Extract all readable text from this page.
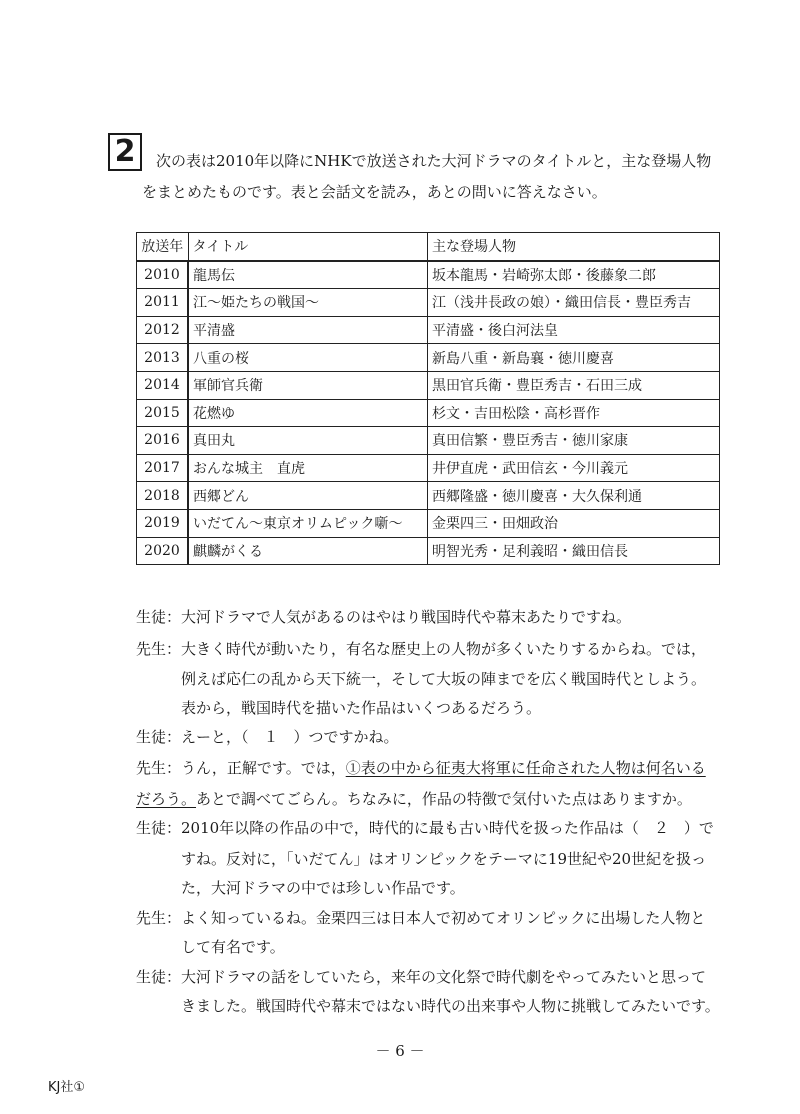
2	次の表は2010年以降にNHKで放送された大河ドラマのタイトルと，主な登場人物
をまとめたものです。表と会話文を読み，あとの問いに答えなさい。
放送年	タイトル	主な登場人物
2010	龍馬伝	坂本龍馬・岩崎弥太郎・後藤象二郎
2011	江～姫たちの戦国～	江（浅井長政の娘）・織田信長・豊臣秀吉
2012	平清盛	平清盛・後白河法皇
2013	八重の桜	新島八重・新島襄・徳川慶喜
2014	軍師官兵衛	黒田官兵衛・豊臣秀吉・石田三成
2015	花燃ゆ	杉文・吉田松陰・高杉晋作
2016	真田丸	真田信繁・豊臣秀吉・徳川家康
2017	おんな城主　直虎	井伊直虎・武田信玄・今川義元
2018	西郷どん	西郷隆盛・徳川慶喜・大久保利通
2019	いだてん～東京オリムピック噺～	金栗四三・田畑政治
2020	麒麟がくる	明智光秀・足利義昭・織田信長
生徒：大河ドラマで人気があるのはやはり戦国時代や幕末あたりですね。
先生：大きく時代が動いたり，有名な歴史上の人物が多くいたりするからね。では，
　　　例えば応仁の乱から天下統一，そして大坂の陣までを広く戦国時代としよう。
　　　表から，戦国時代を描いた作品はいくつあるだろう。
生徒：えーと，（　１　）つですかね。
先生：うん，正解です。では，①表の中から征夷大将軍に任命された人物は何名いる
だろう。あとで調べてごらん。ちなみに，作品の特徴で気付いた点はありますか。
生徒：2010年以降の作品の中で，時代的に最も古い時代を扱った作品は（　２　）で
　　　すね。反対に，「いだてん」はオリンピックをテーマに19世紀や20世紀を扱っ
　　　た，大河ドラマの中では珍しい作品です。
先生：よく知っているね。金栗四三は日本人で初めてオリンピックに出場した人物と
　　　して有名です。
生徒：大河ドラマの話をしていたら，来年の文化祭で時代劇をやってみたいと思って
　　　きました。戦国時代や幕末ではない時代の出来事や人物に挑戦してみたいです。
－ 6 －
KJ社①
